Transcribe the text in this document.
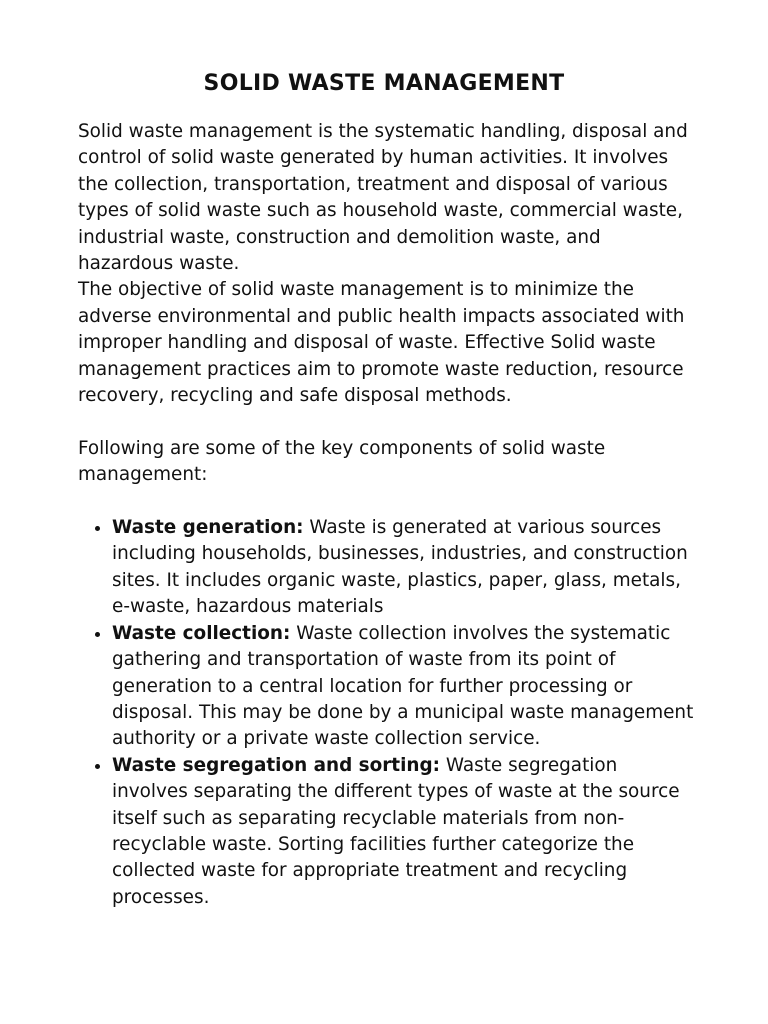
SOLID WASTE MANAGEMENT

Solid waste management is the systematic handling, disposal and control of solid waste generated by human activities. It involves the collection, transportation, treatment and disposal of various types of solid waste such as household waste, commercial waste, industrial waste, construction and demolition waste, and hazardous waste.

The objective of solid waste management is to minimize the adverse environmental and public health impacts associated with improper handling and disposal of waste. Effective Solid waste management practices aim to promote waste reduction, resource recovery, recycling and safe disposal methods.

Following are some of the key components of solid waste management:

• Waste generation: Waste is generated at various sources including households, businesses, industries, and construction sites. It includes organic waste, plastics, paper, glass, metals, e-waste, hazardous materials
• Waste collection: Waste collection involves the systematic gathering and transportation of waste from its point of generation to a central location for further processing or disposal. This may be done by a municipal waste management authority or a private waste collection service.
• Waste segregation and sorting: Waste segregation involves separating the different types of waste at the source itself such as separating recyclable materials from non-recyclable waste. Sorting facilities further categorize the collected waste for appropriate treatment and recycling processes.
